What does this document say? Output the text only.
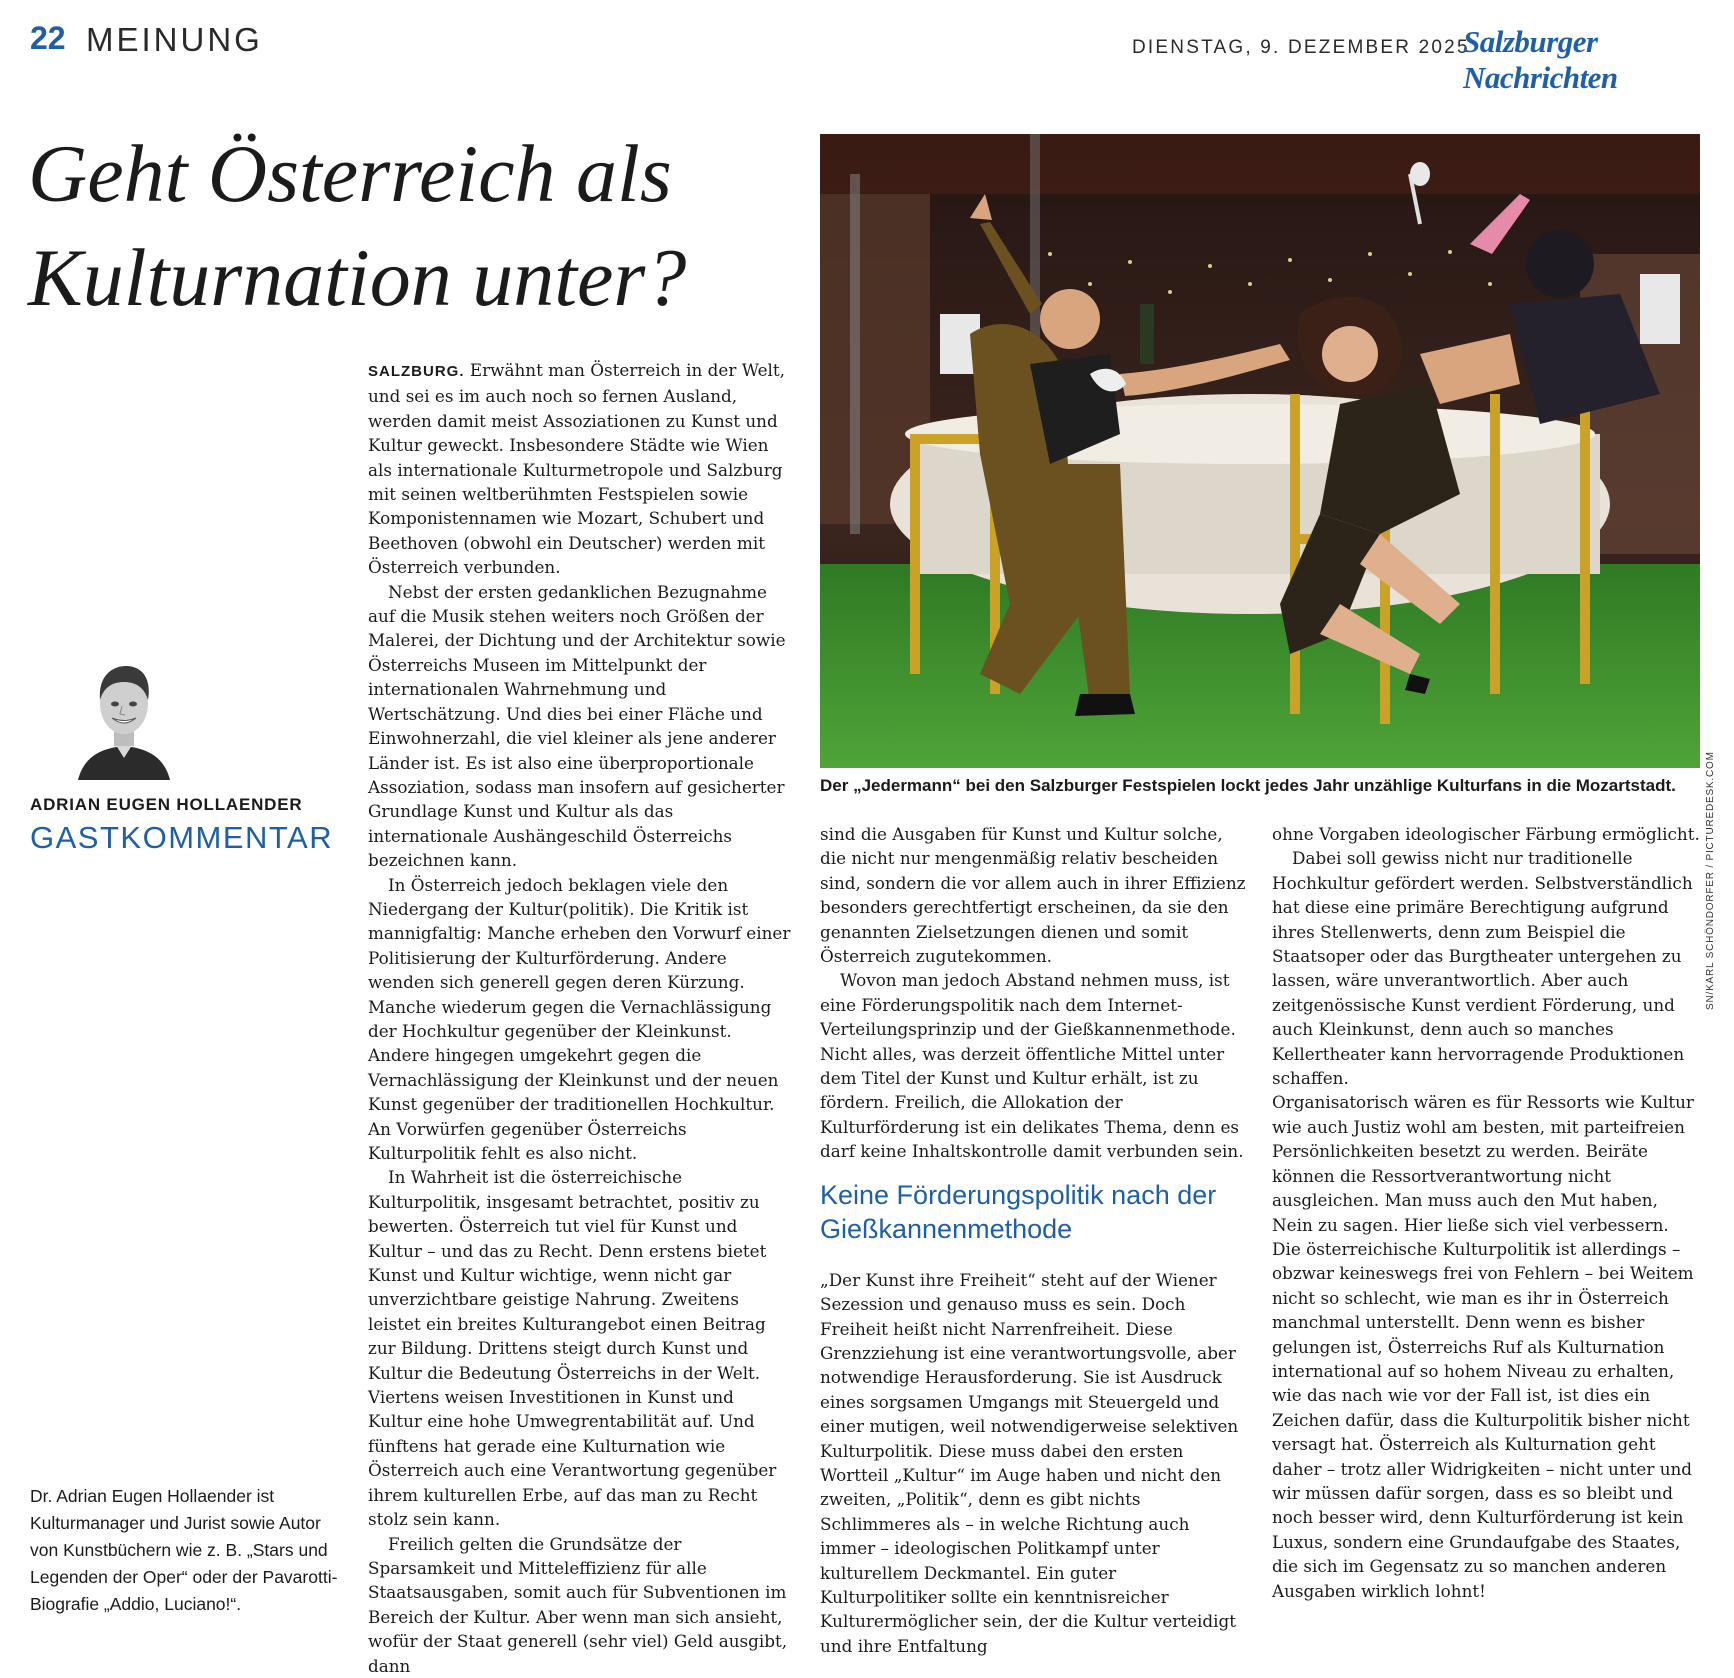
22 MEINUNG	DIENSTAG, 9. DEZEMBER 2025
Salzburger Nachrichten
Geht Österreich als Kulturnation unter?
ADRIAN EUGEN HOLLAENDER
GASTKOMMENTAR	SN/KARL SCHÖNDORFER / PICTUREDESK.COM
Der „Jedermann“ bei den Salzburger Festspielen lockt jedes Jahr unzählige Kulturfans in die Mozartstadt.

SALZBURG. Erwähnt man Österreich in der Welt, und sei es im auch noch so fernen Ausland, werden damit meist Assoziationen zu Kunst und Kultur geweckt. Insbesondere Städte wie Wien als internationale Kulturmetropole und Salzburg mit seinen weltberühmten Festspielen sowie Komponistennamen wie Mozart, Schubert und Beethoven (obwohl ein Deutscher) werden mit Österreich verbunden.

Nebst der ersten gedanklichen Bezugnahme auf die Musik stehen weiters noch Größen der Malerei, der Dichtung und der Architektur sowie Österreichs Museen im Mittelpunkt der internationalen Wahrnehmung und Wertschätzung. Und dies bei einer Fläche und Einwohnerzahl, die viel kleiner als jene anderer Länder ist. Es ist also eine überproportionale Assoziation, sodass man insofern auf gesicherter Grundlage Kunst und Kultur als das internationale Aushängeschild Österreichs bezeichnen kann.

In Österreich jedoch beklagen viele den Niedergang der Kultur(politik). Die Kritik ist mannigfaltig: Manche erheben den Vorwurf einer Politisierung der Kulturförderung. Andere wenden sich generell gegen deren Kürzung. Manche wiederum gegen die Vernachlässigung der Hochkultur gegenüber der Kleinkunst. Andere hingegen umgekehrt gegen die Vernachlässigung der Kleinkunst und der neuen Kunst gegenüber der traditionellen Hochkultur. An Vorwürfen gegenüber Österreichs Kulturpolitik fehlt es also nicht.

In Wahrheit ist die österreichische Kulturpolitik, insgesamt betrachtet, positiv zu bewerten. Österreich tut viel für Kunst und Kultur – und das zu Recht. Denn erstens bietet Kunst und Kultur wichtige, wenn nicht gar unverzichtbare geistige Nahrung. Zweitens leistet ein breites Kulturangebot einen Beitrag zur Bildung. Drittens steigt durch Kunst und Kultur die Bedeutung Österreichs in der Welt. Viertens weisen Investitionen in Kunst und Kultur eine hohe Umwegrentabilität auf. Und fünftens hat gerade eine Kulturnation wie Österreich auch eine Verantwortung gegenüber ihrem kulturellen Erbe, auf das man zu Recht stolz sein kann.

Freilich gelten die Grundsätze der Sparsamkeit und Mitteleffizienz für alle Staatsausgaben, somit auch für Subventionen im Bereich der Kultur. Aber wenn man sich ansieht, wofür der Staat generell (sehr viel) Geld ausgibt, dann

sind die Ausgaben für Kunst und Kultur solche, die nicht nur mengenmäßig relativ bescheiden sind, sondern die vor allem auch in ihrer Effizienz besonders gerechtfertigt erscheinen, da sie den genannten Zielsetzungen dienen und somit Österreich zugutekommen.

Wovon man jedoch Abstand nehmen muss, ist eine Förderungspolitik nach dem Internet-Verteilungsprinzip und der Gießkannenmethode. Nicht alles, was derzeit öffentliche Mittel unter dem Titel der Kunst und Kultur erhält, ist zu fördern. Freilich, die Allokation der Kulturförderung ist ein delikates Thema, denn es darf keine Inhaltskontrolle damit verbunden sein.

Keine Förderungspolitik nach der Gießkannenmethode

„Der Kunst ihre Freiheit“ steht auf der Wiener Sezession und genauso muss es sein. Doch Freiheit heißt nicht Narrenfreiheit. Diese Grenzziehung ist eine verantwortungsvolle, aber notwendige Herausforderung. Sie ist Ausdruck eines sorgsamen Umgangs mit Steuergeld und einer mutigen, weil notwendigerweise selektiven Kulturpolitik. Diese muss dabei den ersten Wortteil „Kultur“ im Auge haben und nicht den zweiten, „Politik“, denn es gibt nichts Schlimmeres als – in welche Richtung auch immer – ideologischen Politkampf unter kulturellem Deckmantel. Ein guter Kulturpolitiker sollte ein kenntnisreicher Kulturermöglicher sein, der die Kultur verteidigt und ihre Entfaltung

ohne Vorgaben ideologischer Färbung ermöglicht.

Dabei soll gewiss nicht nur traditionelle Hochkultur gefördert werden. Selbstverständlich hat diese eine primäre Berechtigung aufgrund ihres Stellenwerts, denn zum Beispiel die Staatsoper oder das Burgtheater untergehen zu lassen, wäre unverantwortlich. Aber auch zeitgenössische Kunst verdient Förderung, und auch Kleinkunst, denn auch so manches Kellertheater kann hervorragende Produktionen schaffen.

Organisatorisch wären es für Ressorts wie Kultur wie auch Justiz wohl am besten, mit parteifreien Persönlichkeiten besetzt zu werden. Beiräte können die Ressortverantwortung nicht ausgleichen. Man muss auch den Mut haben, Nein zu sagen. Hier ließe sich viel verbessern. Die österreichische Kulturpolitik ist allerdings – obzwar keineswegs frei von Fehlern – bei Weitem nicht so schlecht, wie man es ihr in Österreich manchmal unterstellt. Denn wenn es bisher gelungen ist, Österreichs Ruf als Kulturnation international auf so hohem Niveau zu erhalten, wie das nach wie vor der Fall ist, ist dies ein Zeichen dafür, dass die Kulturpolitik bisher nicht versagt hat. Österreich als Kulturnation geht daher – trotz aller Widrigkeiten – nicht unter und wir müssen dafür sorgen, dass es so bleibt und noch besser wird, denn Kulturförderung ist kein Luxus, sondern eine Grundaufgabe des Staates, die sich im Gegensatz zu so manchen anderen Ausgaben wirklich lohnt!

Dr. Adrian Eugen Hollaender ist Kulturmanager und Jurist sowie Autor von Kunstbüchern wie z. B. „Stars und Legenden der Oper“ oder der Pavarotti-Biografie „Addio, Luciano!“.
